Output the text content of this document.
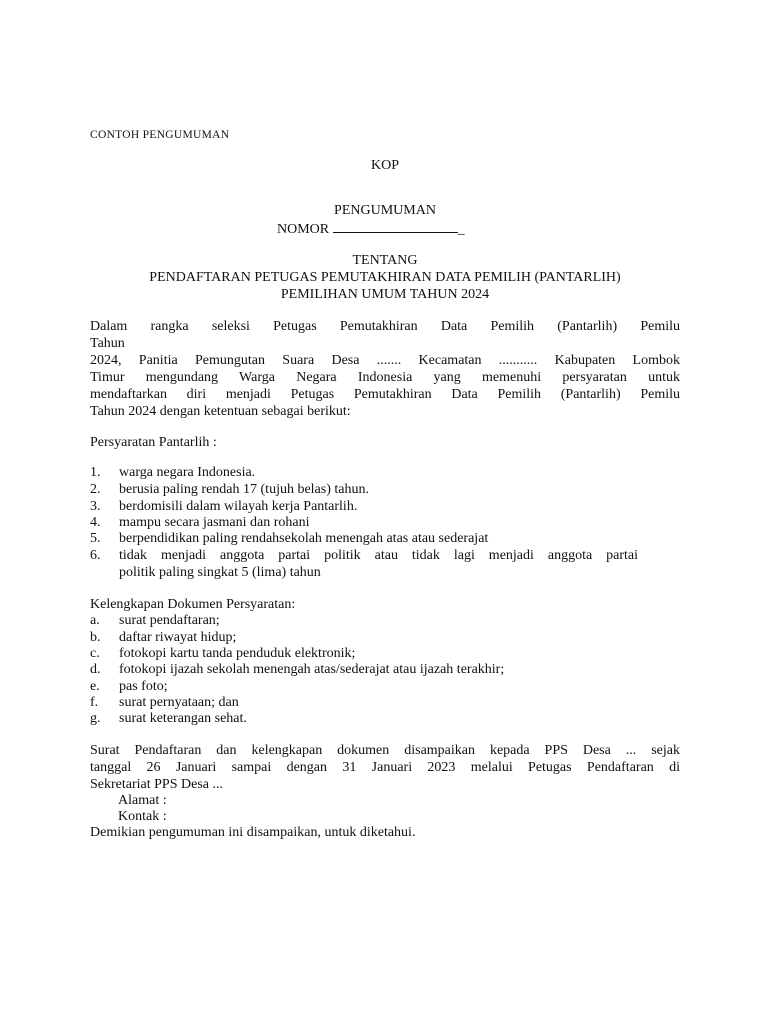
CONTOH PENGUMUMAN
KOP
PENGUMUMAN
NOMOR	_
TENTANG
PENDAFTARAN PETUGAS PEMUTAKHIRAN DATA PEMILIH (PANTARLIH)
PEMILIHAN UMUM TAHUN 2024
Dalam rangka seleksi Petugas Pemutakhiran Data Pemilih (Pantarlih) Pemilu
Tahun
2024, Panitia Pemungutan Suara Desa ....... Kecamatan ........... Kabupaten Lombok
Timur mengundang Warga Negara Indonesia yang memenuhi persyaratan untuk
mendaftarkan diri menjadi Petugas Pemutakhiran Data Pemilih (Pantarlih) Pemilu
Tahun 2024 dengan ketentuan sebagai berikut:
Persyaratan Pantarlih :
1. warga negara Indonesia.
2. berusia paling rendah 17 (tujuh belas) tahun.
3. berdomisili dalam wilayah kerja Pantarlih.
4. mampu secara jasmani dan rohani
5. berpendidikan paling rendahsekolah menengah atas atau sederajat
6. tidak menjadi anggota partai politik atau tidak lagi menjadi anggota partai
politik paling singkat 5 (lima) tahun
Kelengkapan Dokumen Persyaratan:
a. surat pendaftaran;
b. daftar riwayat hidup;
c. fotokopi kartu tanda penduduk elektronik;
d. fotokopi ijazah sekolah menengah atas/sederajat atau ijazah terakhir;
e. pas foto;
f. surat pernyataan; dan
g. surat keterangan sehat.
Surat Pendaftaran dan kelengkapan dokumen disampaikan kepada PPS Desa ... sejak
tanggal 26 Januari sampai dengan 31 Januari 2023 melalui Petugas Pendaftaran di
Sekretariat PPS Desa ...
Alamat :
Kontak :
Demikian pengumuman ini disampaikan, untuk diketahui.
